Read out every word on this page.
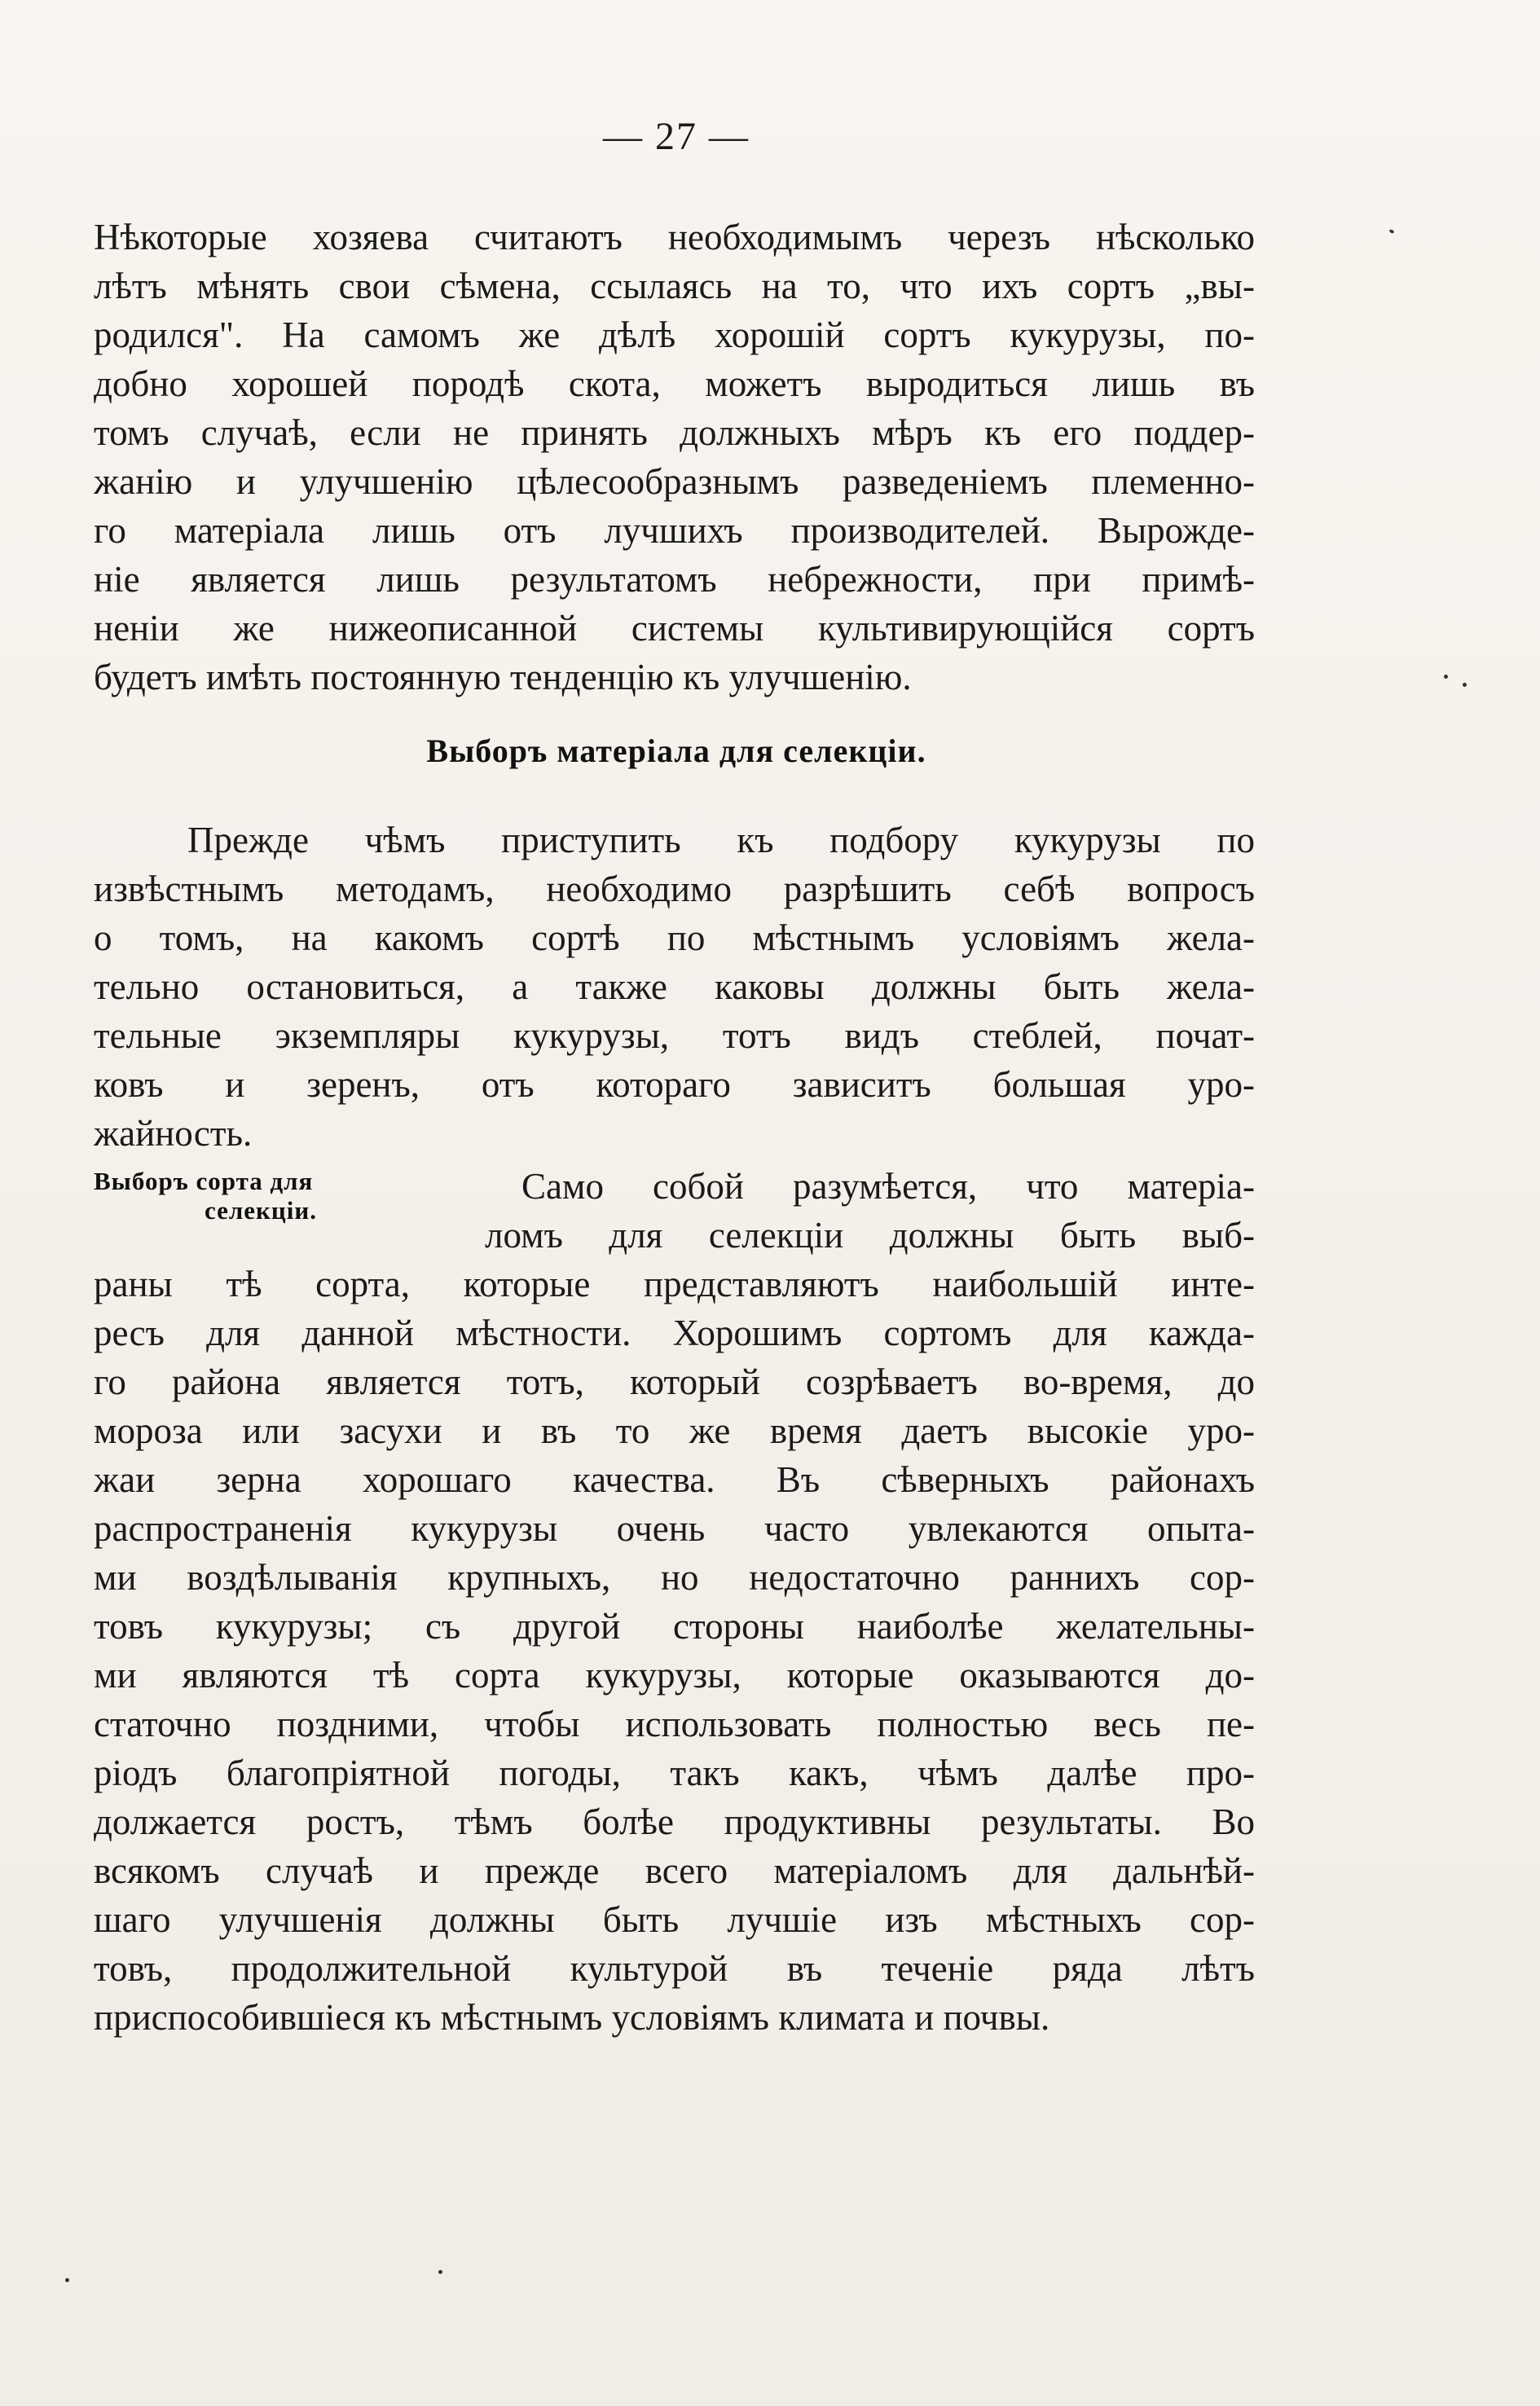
— 27 —
Нѣкоторые хозяева считаютъ необходимымъ черезъ нѣсколько
лѣтъ мѣнять свои сѣмена, ссылаясь на то, что ихъ сортъ „вы-
родился". На самомъ же дѣлѣ хорошій сортъ кукурузы, по-
добно хорошей породѣ скота, можетъ выродиться лишь въ
томъ случаѣ, если не принять должныхъ мѣръ къ его поддер-
жанію и улучшенію цѣлесообразнымъ разведеніемъ племенно-
го матеріала лишь отъ лучшихъ производителей. Вырожде-
ніе является лишь результатомъ небрежности, при примѣ-
неніи же нижеописанной системы культивирующійся сортъ
будетъ имѣть постоянную тенденцію къ улучшенію.
Выборъ матеріала для селекціи.
Прежде чѣмъ приступить къ подбору кукурузы по
извѣстнымъ методамъ, необходимо разрѣшить себѣ вопросъ
о томъ, на какомъ сортѣ по мѣстнымъ условіямъ жела-
тельно остановиться, а также каковы должны быть жела-
тельные экземпляры кукурузы, тотъ видъ стеблей, почат-
ковъ и зеренъ, отъ котораго зависитъ большая уро-
жайность.
Выборъ сорта для
селекціи.
Само собой разумѣется, что матеріа-
ломъ для селекціи должны быть выб-
раны тѣ сорта, которые представляютъ наибольшій инте-
ресъ для данной мѣстности. Хорошимъ сортомъ для кажда-
го района является тотъ, который созрѣваетъ во-время, до
мороза или засухи и въ то же время даетъ высокіе уро-
жаи зерна хорошаго качества. Въ сѣверныхъ районахъ
распространенія кукурузы очень часто увлекаются опыта-
ми воздѣлыванія крупныхъ, но недостаточно раннихъ сор-
товъ кукурузы; съ другой стороны наиболѣе желательны-
ми являются тѣ сорта кукурузы, которые оказываются до-
статочно поздними, чтобы использовать полностью весь пе-
ріодъ благопріятной погоды, такъ какъ, чѣмъ далѣе про-
должается ростъ, тѣмъ болѣе продуктивны результаты. Во
всякомъ случаѣ и прежде всего матеріаломъ для дальнѣй-
шаго улучшенія должны быть лучшіе изъ мѣстныхъ сор-
товъ, продолжительной культурой въ теченіе ряда лѣтъ
приспособившіеся къ мѣстнымъ условіямъ климата и почвы.
